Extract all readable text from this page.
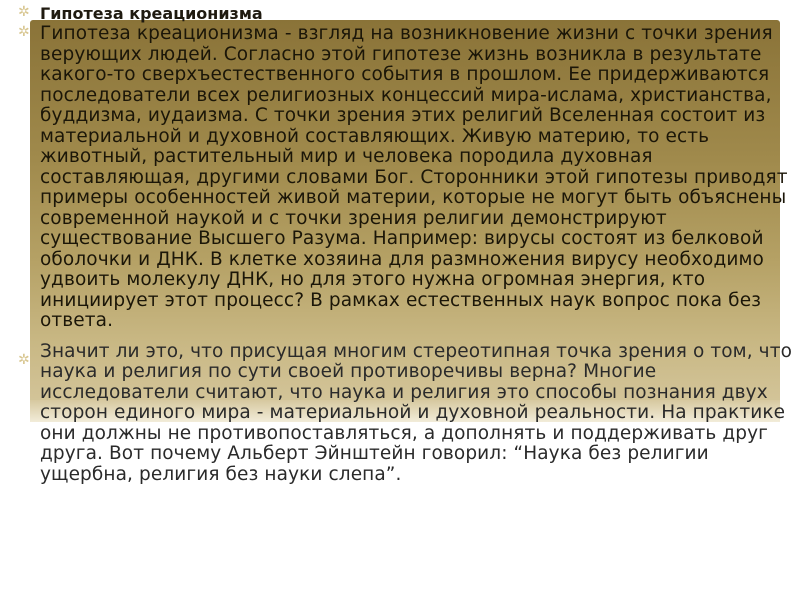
✲ Гипотеза креационизма
✲ Гипотеза креационизма - взгляд на возникновение жизни с точки зрения верующих людей. Согласно этой гипотезе жизнь возникла в результате какого-то сверхъестественного события в прошлом. Ее придерживаются последователи всех религиозных концессий мира-ислама, христианства, буддизма, иудаизма. С точки зрения этих религий Вселенная состоит из материальной и духовной составляющих. Живую материю, то есть животный, растительный мир и человека породила духовная составляющая, другими словами Бог. Сторонники этой гипотезы приводят примеры особенностей живой материи, которые не могут быть объяснены современной наукой и с точки зрения религии демонстрируют существование Высшего Разума. Например: вирусы состоят из белковой оболочки и ДНК. В клетке хозяина для размножения вирусу необходимо удвоить молекулу ДНК, но для этого нужна огромная энергия, кто инициирует этот процесс? В рамках естественных наук вопрос пока без ответа.

✲ Значит ли это, что присущая многим стереотипная точка зрения о том, что наука и религия по сути своей противоречивы верна? Многие исследователи считают, что наука и религия это способы познания двух сторон единого мира - материальной и духовной реальности. На практике они должны не противопоставляться, а дополнять и поддерживать друг друга. Вот почему Альберт Эйнштейн говорил: “Наука без религии ущербна, религия без науки слепа”.
